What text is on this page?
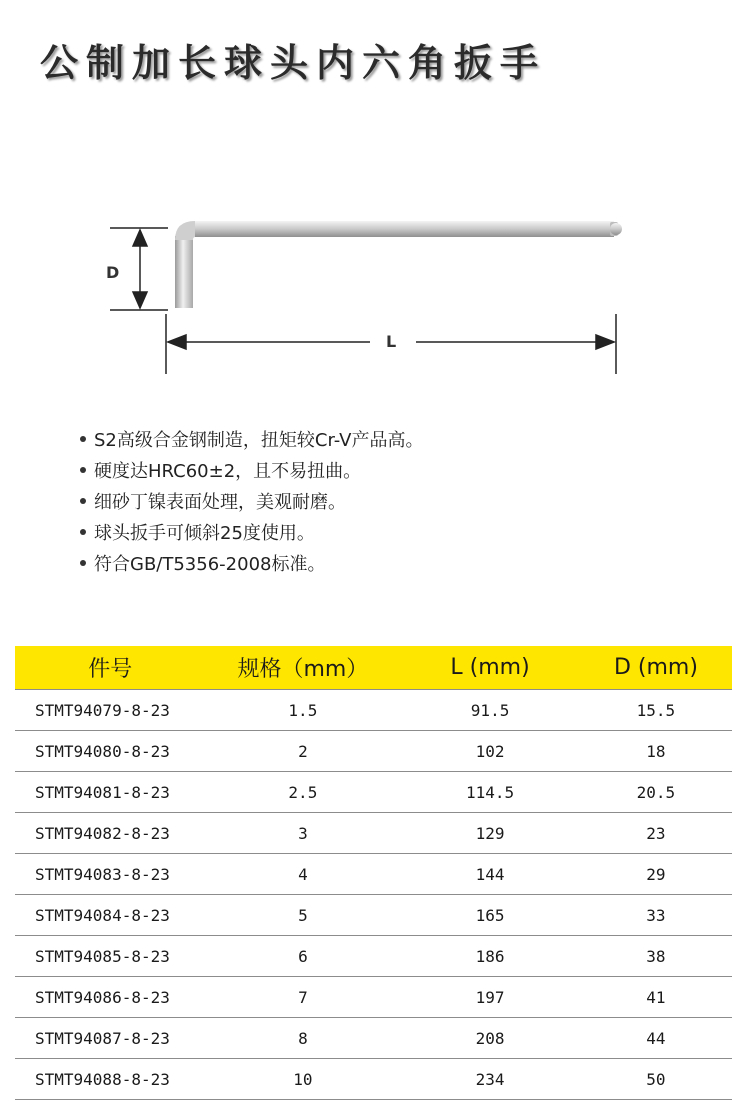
公制加长球头内六角扳手
D
L
S2高级合金钢制造，扭矩较Cr-V产品高。
硬度达HRC60±2，且不易扭曲。
细砂丁镍表面处理，美观耐磨。
球头扳手可倾斜25度使用。
符合GB/T5356-2008标准。
件号	规格（mm）	L (mm)	D (mm)
STMT94079-8-23	1.5	91.5	15.5
STMT94080-8-23	2	102	18
STMT94081-8-23	2.5	114.5	20.5
STMT94082-8-23	3	129	23
STMT94083-8-23	4	144	29
STMT94084-8-23	5	165	33
STMT94085-8-23	6	186	38
STMT94086-8-23	7	197	41
STMT94087-8-23	8	208	44
STMT94088-8-23	10	234	50
